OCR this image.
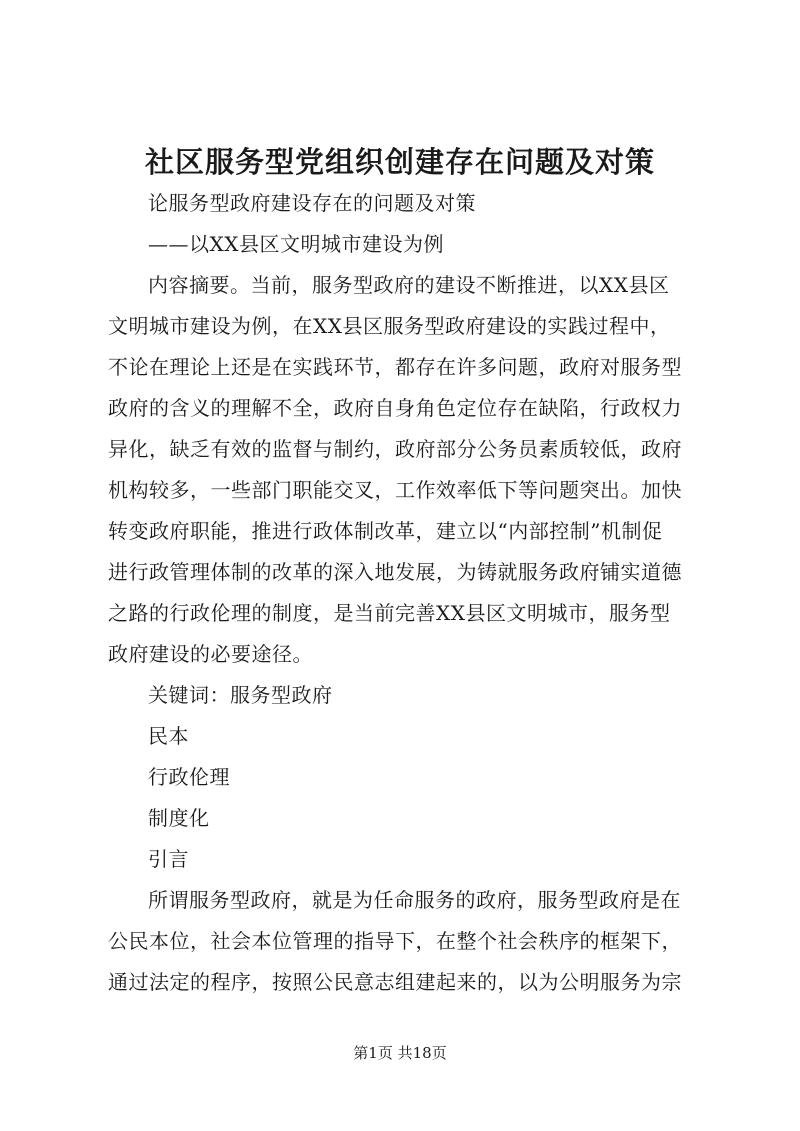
社区服务型党组织创建存在问题及对策
论服务型政府建设存在的问题及对策
——以XX县区文明城市建设为例
内容摘要。当前，服务型政府的建设不断推进，以XX县区
文明城市建设为例，在XX县区服务型政府建设的实践过程中，
不论在理论上还是在实践环节，都存在许多问题，政府对服务型
政府的含义的理解不全，政府自身角色定位存在缺陷，行政权力
异化，缺乏有效的监督与制约，政府部分公务员素质较低，政府
机构较多，一些部门职能交叉，工作效率低下等问题突出。加快
转变政府职能，推进行政体制改革，建立以“内部控制”机制促
进行政管理体制的改革的深入地发展，为铸就服务政府铺实道德
之路的行政伦理的制度，是当前完善XX县区文明城市，服务型
政府建设的必要途径。
关键词：服务型政府
民本
行政伦理
制度化
引言
所谓服务型政府，就是为任命服务的政府，服务型政府是在
公民本位，社会本位管理的指导下，在整个社会秩序的框架下，
通过法定的程序，按照公民意志组建起来的，以为公明服务为宗
第1页 共18页
